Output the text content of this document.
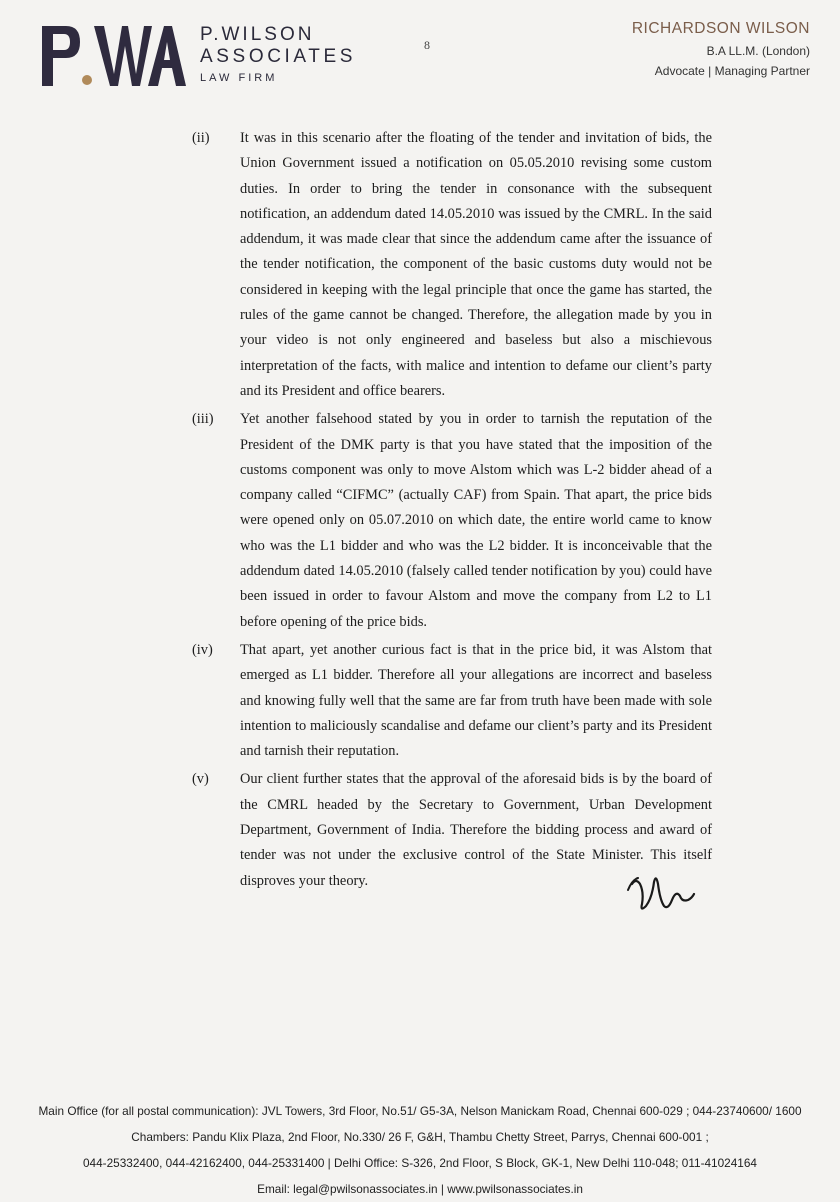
P.WILSON
ASSOCIATES
LAW FIRM
8
RICHARDSON WILSON
B.A LL.M. (London)
Advocate | Managing Partner
(ii) It was in this scenario after the floating of the tender and invitation of bids, the Union Government issued a notification on 05.05.2010 revising some custom duties. In order to bring the tender in consonance with the subsequent notification, an addendum dated 14.05.2010 was issued by the CMRL. In the said addendum, it was made clear that since the addendum came after the issuance of the tender notification, the component of the basic customs duty would not be considered in keeping with the legal principle that once the game has started, the rules of the game cannot be changed. Therefore, the allegation made by you in your video is not only engineered and baseless but also a mischievous interpretation of the facts, with malice and intention to defame our client’s party and its President and office bearers.
(iii) Yet another falsehood stated by you in order to tarnish the reputation of the President of the DMK party is that you have stated that the imposition of the customs component was only to move Alstom which was L-2 bidder ahead of a company called “CIFMC” (actually CAF) from Spain. That apart, the price bids were opened only on 05.07.2010 on which date, the entire world came to know who was the L1 bidder and who was the L2 bidder. It is inconceivable that the addendum dated 14.05.2010 (falsely called tender notification by you) could have been issued in order to favour Alstom and move the company from L2 to L1 before opening of the price bids.
(iv) That apart, yet another curious fact is that in the price bid, it was Alstom that emerged as L1 bidder. Therefore all your allegations are incorrect and baseless and knowing fully well that the same are far from truth have been made with sole intention to maliciously scandalise and defame our client’s party and its President and tarnish their reputation.
(v) Our client further states that the approval of the aforesaid bids is by the board of the CMRL headed by the Secretary to Government, Urban Development Department, Government of India. Therefore the bidding process and award of tender was not under the exclusive control of the State Minister. This itself disproves your theory.
Main Office (for all postal communication): JVL Towers, 3rd Floor, No.51/ G5-3A, Nelson Manickam Road, Chennai 600-029 ; 044-23740600/ 1600
Chambers: Pandu Klix Plaza, 2nd Floor, No.330/ 26 F, G&H, Thambu Chetty Street, Parrys, Chennai 600-001 ;
044-25332400, 044-42162400, 044-25331400 | Delhi Office: S-326, 2nd Floor, S Block, GK-1, New Delhi 110-048; 011-41024164
Email: legal@pwilsonassociates.in | www.pwilsonassociates.in
